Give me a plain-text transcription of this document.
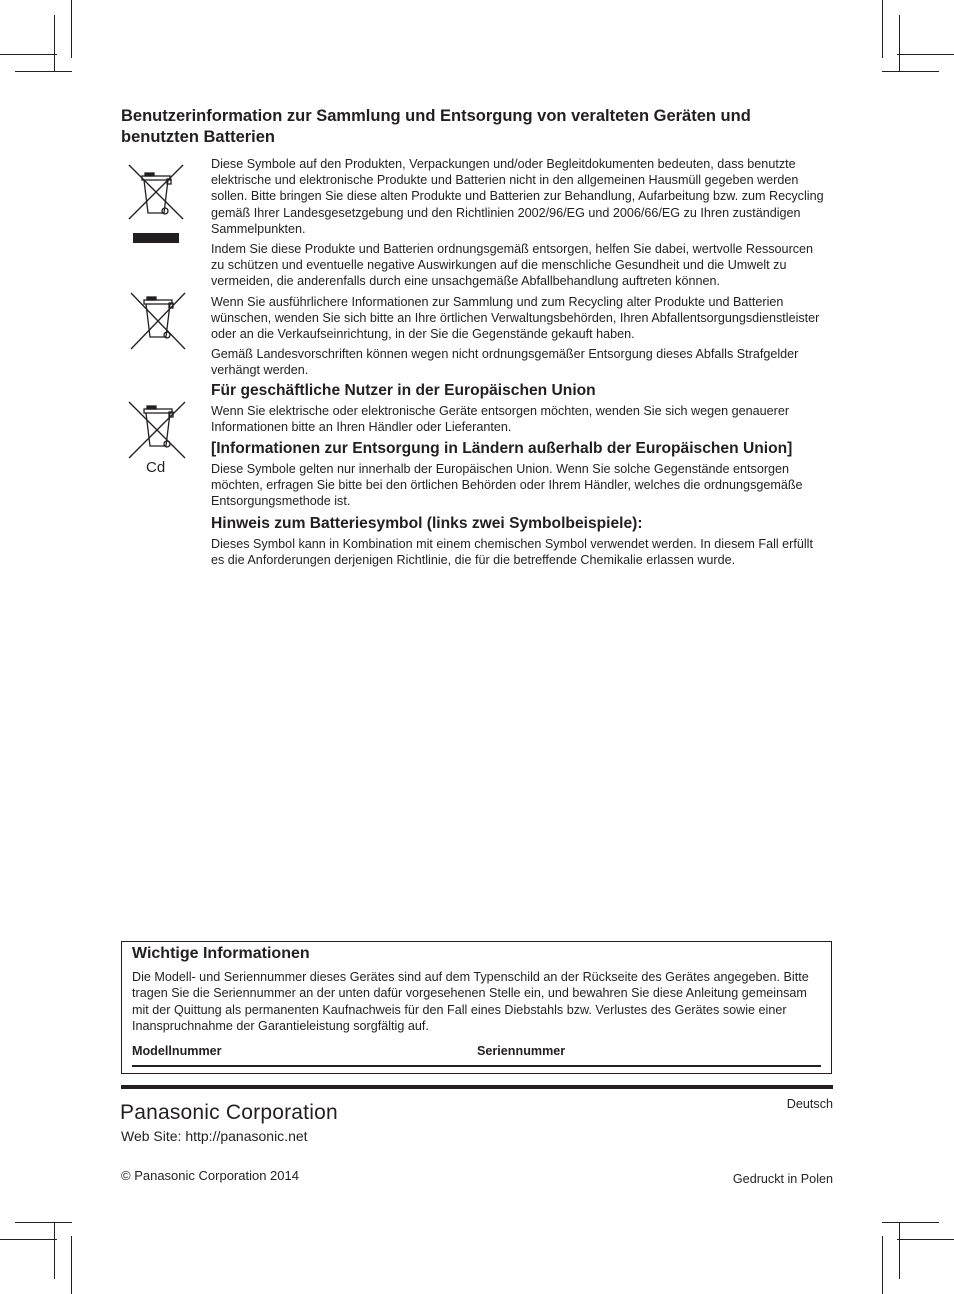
Benutzerinformation zur Sammlung und Entsorgung von veralteten Geräten und benutzten Batterien
Cd

Diese Symbole auf den Produkten, Verpackungen und/oder Begleitdokumenten bedeuten, dass benutzte elektrische und elektronische Produkte und Batterien nicht in den allgemeinen Hausmüll gegeben werden sollen. Bitte bringen Sie diese alten Produkte und Batterien zur Behandlung, Aufarbeitung bzw. zum Recycling gemäß Ihrer Landesgesetzgebung und den Richtlinien 2002/96/EG und 2006/66/EG zu Ihren zuständigen Sammelpunkten.

Indem Sie diese Produkte und Batterien ordnungsgemäß entsorgen, helfen Sie dabei, wertvolle Ressourcen zu schützen und eventuelle negative Auswirkungen auf die menschliche Gesundheit und die Umwelt zu vermeiden, die anderenfalls durch eine unsachgemäße Abfallbehandlung auftreten können.

Wenn Sie ausführlichere Informationen zur Sammlung und zum Recycling alter Produkte und Batterien wünschen, wenden Sie sich bitte an Ihre örtlichen Verwaltungsbehörden, Ihren Abfallentsorgungsdienstleister oder an die Verkaufseinrichtung, in der Sie die Gegenstände gekauft haben.

Gemäß Landesvorschriften können wegen nicht ordnungsgemäßer Entsorgung dieses Abfalls Strafgelder verhängt werden.

Für geschäftliche Nutzer in der Europäischen Union

Wenn Sie elektrische oder elektronische Geräte entsorgen möchten, wenden Sie sich wegen genauerer Informationen bitte an Ihren Händler oder Lieferanten.

[Informationen zur Entsorgung in Ländern außerhalb der Europäischen Union]

Diese Symbole gelten nur innerhalb der Europäischen Union. Wenn Sie solche Gegenstände entsorgen möchten, erfragen Sie bitte bei den örtlichen Behörden oder Ihrem Händler, welches die ordnungsgemäße Entsorgungsmethode ist.

Hinweis zum Batteriesymbol (links zwei Symbolbeispiele):

Dieses Symbol kann in Kombination mit einem chemischen Symbol verwendet werden. In diesem Fall erfüllt es die Anforderungen derjenigen Richtlinie, die für die betreffende Chemikalie erlassen wurde.

Wichtige Informationen

Die Modell- und Seriennummer dieses Gerätes sind auf dem Typenschild an der Rückseite des Gerätes angegeben. Bitte tragen Sie die Seriennummer an der unten dafür vorgesehenen Stelle ein, und bewahren Sie diese Anleitung gemeinsam mit der Quittung als permanenten Kaufnachweis für den Fall eines Diebstahls bzw. Verlustes des Gerätes sowie einer Inanspruchnahme der Garantieleistung sorgfältig auf.

Modellnummer	Seriennummer
Panasonic Corporation
Web Site: http://panasonic.net
Deutsch
© Panasonic Corporation 2014	Gedruckt in Polen
